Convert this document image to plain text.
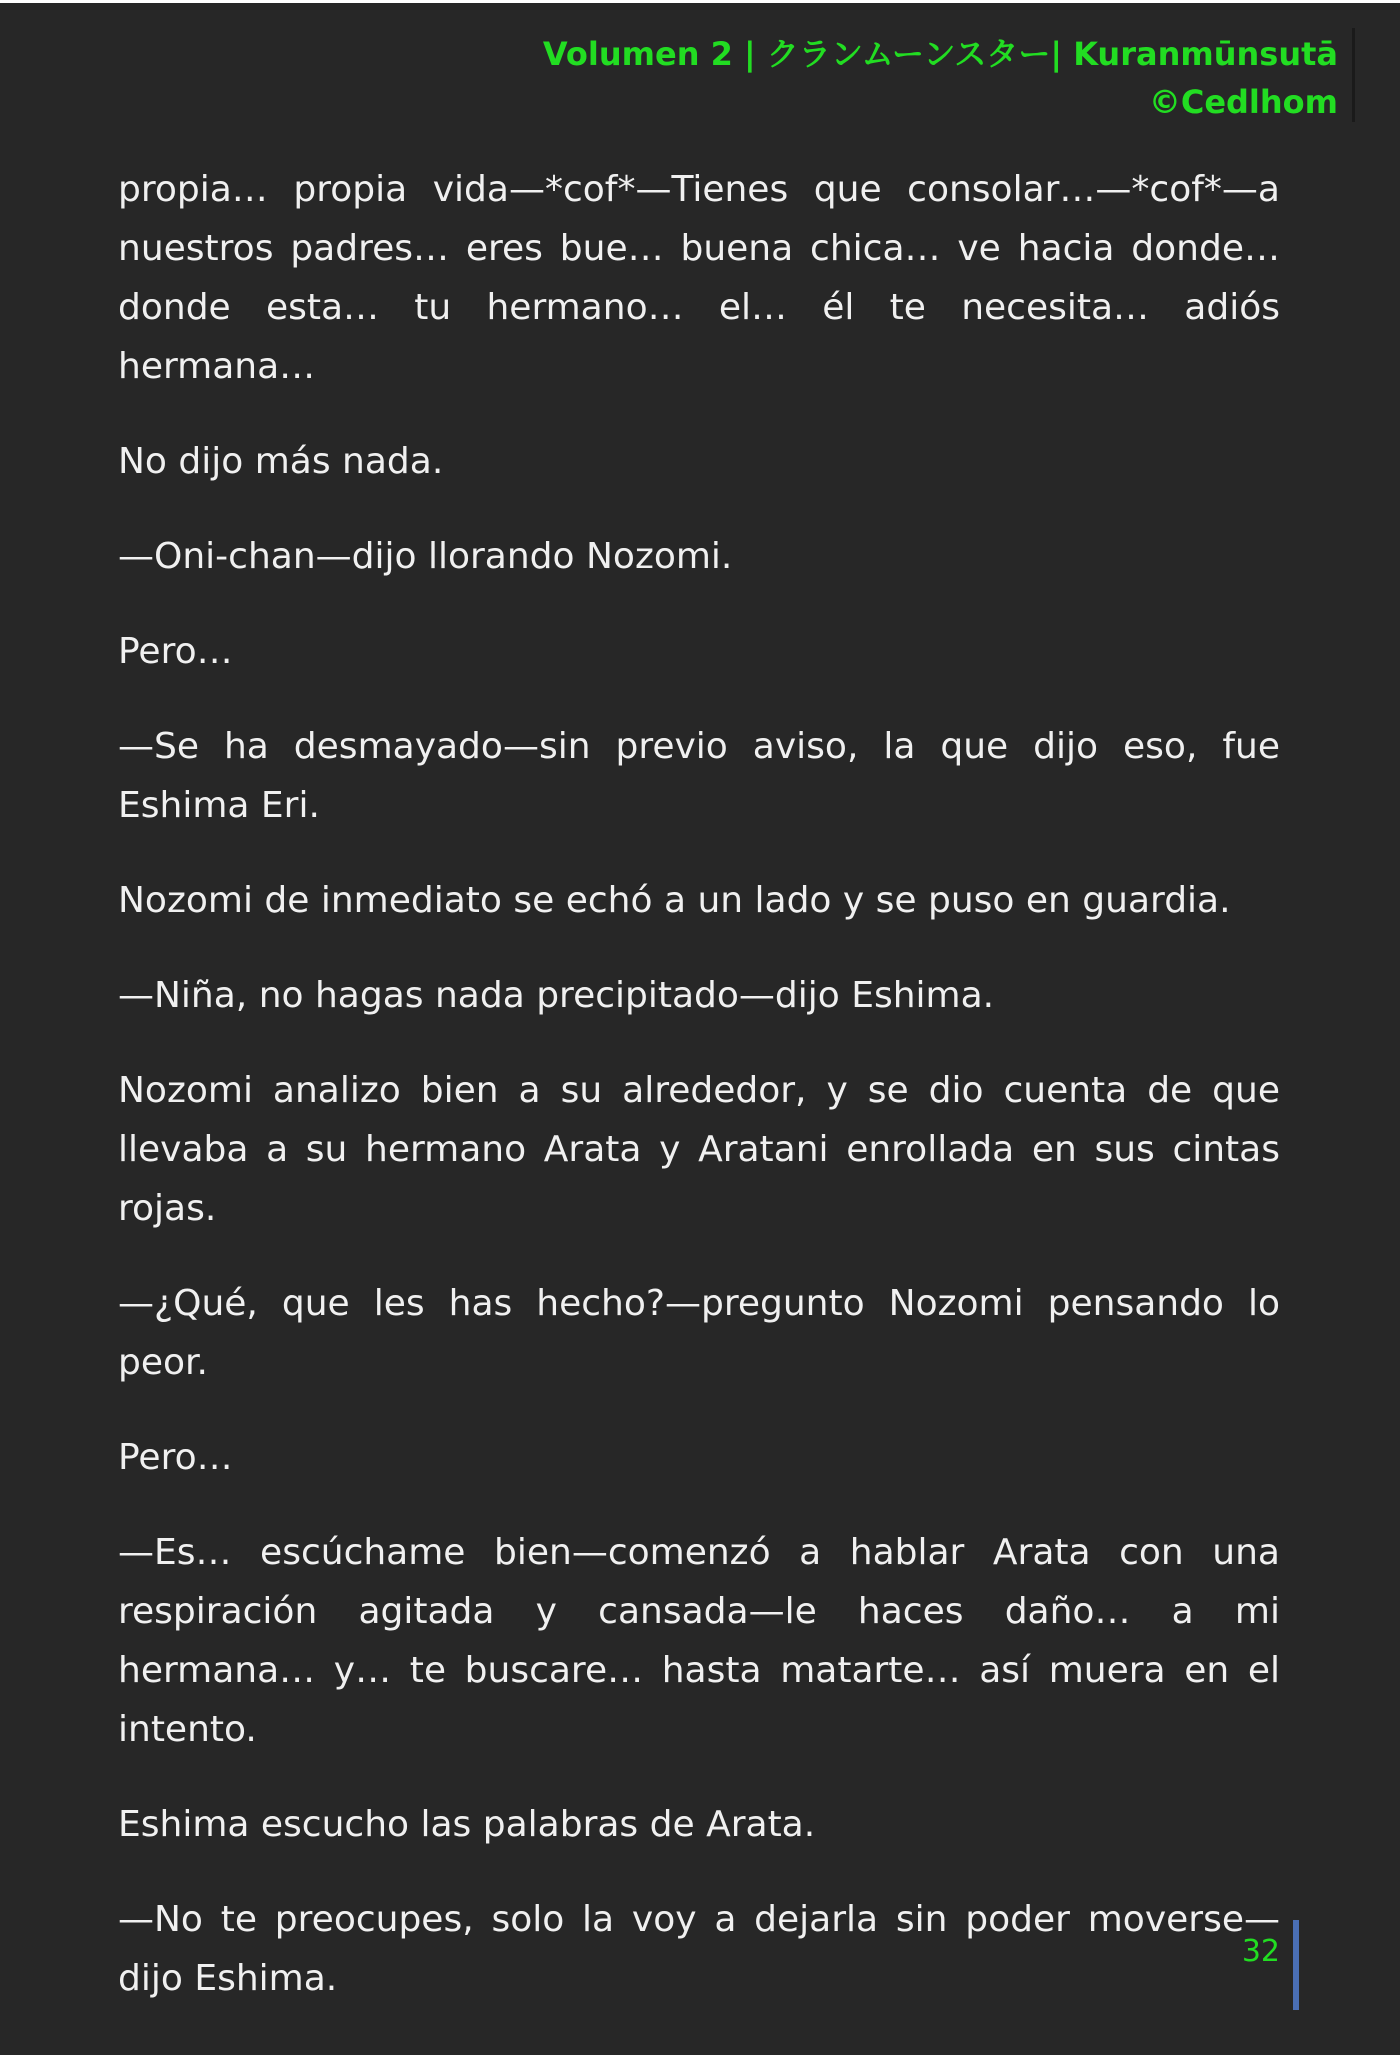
Volumen 2 | クランムーンスター| Kuranmūnsutā
©Cedlhom

propia… propia vida—*cof*—Tienes que consolar…—*cof*—a nuestros padres… eres bue… buena chica… ve hacia donde… donde esta… tu hermano… el… él te necesita… adiós hermana…

No dijo más nada.

—Oni-chan—dijo llorando Nozomi.

Pero…

—Se ha desmayado—sin previo aviso, la que dijo eso, fue Eshima Eri.

Nozomi de inmediato se echó a un lado y se puso en guardia.

—Niña, no hagas nada precipitado—dijo Eshima.

Nozomi analizo bien a su alrededor, y se dio cuenta de que llevaba a su hermano Arata y Aratani enrollada en sus cintas rojas.

—¿Qué, que les has hecho?—pregunto Nozomi pensando lo peor.

Pero…

—Es… escúchame bien—comenzó a hablar Arata con una respiración agitada y cansada—le haces daño… a mi hermana… y… te buscare… hasta matarte… así muera en el intento.

Eshima escucho las palabras de Arata.

—No te preocupes, solo la voy a dejarla sin poder moverse—dijo Eshima.

32
